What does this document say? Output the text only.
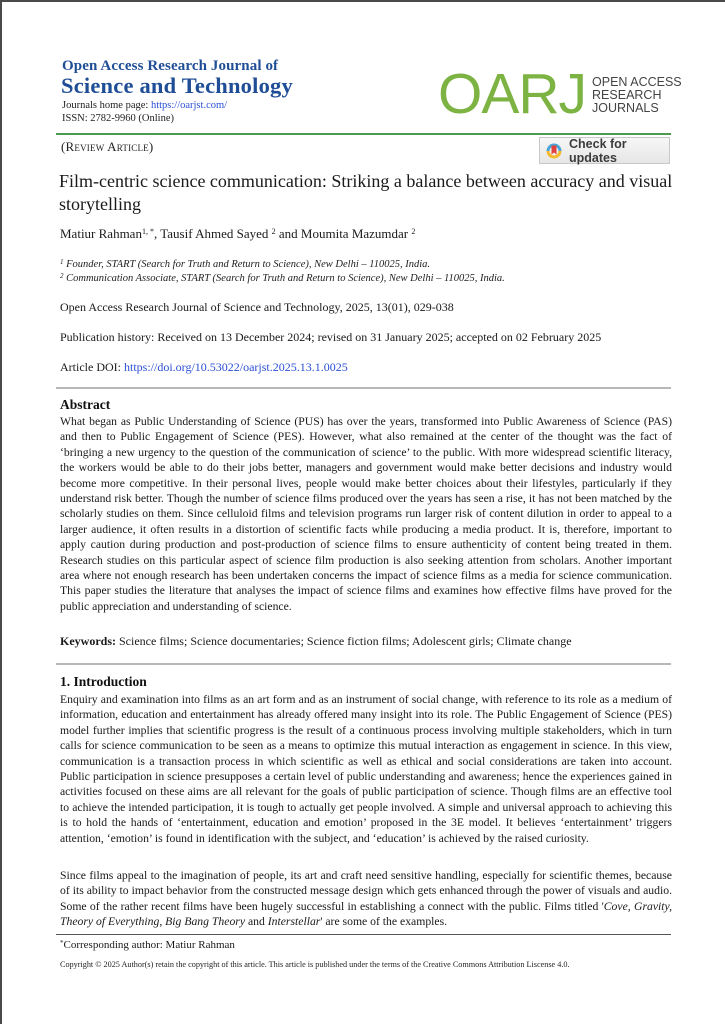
Open Access Research Journal of
Science and Technology
Journals home page: https://oarjst.com/
ISSN: 2782-9960 (Online)	OARJ OPEN ACCESS
RESEARCH
JOURNALS
(Review Article)	Check for updates
Film-centric science communication: Striking a balance between accuracy and visual storytelling
Matiur Rahman$^{1, *}$, Tausif Ahmed Sayed $^2$ and Moumita Mazumdar $^2$
$^1$ Founder, START (Search for Truth and Return to Science), New Delhi – 110025, India.
$^2$ Communication Associate, START (Search for Truth and Return to Science), New Delhi – 110025, India.
Open Access Research Journal of Science and Technology, 2025, 13(01), 029-038
Publication history: Received on 13 December 2024; revised on 31 January 2025; accepted on 02 February 2025
Article DOI: https://doi.org/10.53022/oarjst.2025.13.1.0025
Abstract
What began as Public Understanding of Science (PUS) has over the years, transformed into Public Awareness of Science (PAS) and then to Public Engagement of Science (PES). However, what also remained at the center of the thought was the fact of ‘bringing a new urgency to the question of the communication of science’ to the public. With more widespread scientific literacy, the workers would be able to do their jobs better, managers and government would make better decisions and industry would become more competitive. In their personal lives, people would make better choices about their lifestyles, particularly if they understand risk better. Though the number of science films produced over the years has seen a rise, it has not been matched by the scholarly studies on them. Since celluloid films and television programs run larger risk of content dilution in order to appeal to a larger audience, it often results in a distortion of scientific facts while producing a media product. It is, therefore, important to apply caution during production and post-production of science films to ensure authenticity of content being treated in them. Research studies on this particular aspect of science film production is also seeking attention from scholars. Another important area where not enough research has been undertaken concerns the impact of science films as a media for science communication. This paper studies the literature that analyses the impact of science films and examines how effective films have proved for the public appreciation and understanding of science.
Keywords: Science films; Science documentaries; Science fiction films; Adolescent girls; Climate change
1. Introduction
Enquiry and examination into films as an art form and as an instrument of social change, with reference to its role as a medium of information, education and entertainment has already offered many insight into its role. The Public Engagement of Science (PES) model further implies that scientific progress is the result of a continuous process involving multiple stakeholders, which in turn calls for science communication to be seen as a means to optimize this mutual interaction as engagement in science. In this view, communication is a transaction process in which scientific as well as ethical and social considerations are taken into account. Public participation in science presupposes a certain level of public understanding and awareness; hence the experiences gained in activities focused on these aims are all relevant for the goals of public participation of science. Though films are an effective tool to achieve the intended participation, it is tough to actually get people involved. A simple and universal approach to achieving this is to hold the hands of ‘entertainment, education and emotion’ proposed in the 3E model. It believes ‘entertainment’ triggers attention, ‘emotion’ is found in identification with the subject, and ‘education’ is achieved by the raised curiosity.
Since films appeal to the imagination of people, its art and craft need sensitive handling, especially for scientific themes, because of its ability to impact behavior from the constructed message design which gets enhanced through the power of visuals and audio. Some of the rather recent films have been hugely successful in establishing a connect with the public. Films titled 'Cove, Gravity, Theory of Everything, Big Bang Theory and Interstellar' are some of the examples.
*Corresponding author: Matiur Rahman
Copyright © 2025 Author(s) retain the copyright of this article. This article is published under the terms of the Creative Commons Attribution Liscense 4.0.
